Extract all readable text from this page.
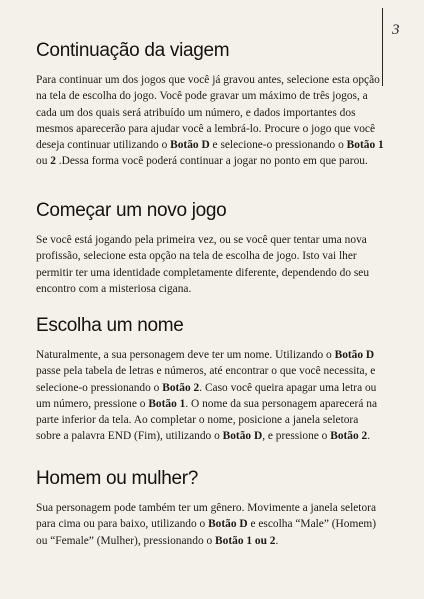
3
Continuação da viagem

Para continuar um dos jogos que você já gravou antes, selecione esta opção na tela de escolha do jogo. Você pode gravar um máximo de três jogos, a cada um dos quais será atribuído um número, e dados importantes dos mesmos aparecerão para ajudar você a lembrá-lo. Procure o jogo que você deseja continuar utilizando o Botão D e selecione-o pressionando o Botão 1 ou 2 .Dessa forma você poderá continuar a jogar no ponto em que parou.

Começar um novo jogo

Se você está jogando pela primeira vez, ou se você quer tentar uma nova profissão, selecione esta opção na tela de escolha de jogo. Isto vai lher permitir ter uma identidade completamente diferente, dependendo do seu encontro com a misteriosa cigana.

Escolha um nome

Naturalmente, a sua personagem deve ter um nome. Utilizando o Botão D passe pela tabela de letras e números, até encontrar o que você necessita, e selecione-o pressionando o Botão 2. Caso você queira apagar uma letra ou um número, pressione o Botão 1. O nome da sua personagem aparecerá na parte inferior da tela. Ao completar o nome, posicione a janela seletora sobre a palavra END (Fim), utilizando o Botão D, e pressione o Botão 2.

Homem ou mulher?

Sua personagem pode também ter um gênero. Movimente a janela seletora para cima ou para baixo, utilizando o Botão D e escolha “Male” (Homem) ou “Female” (Mulher), pressionando o Botão 1 ou 2.
